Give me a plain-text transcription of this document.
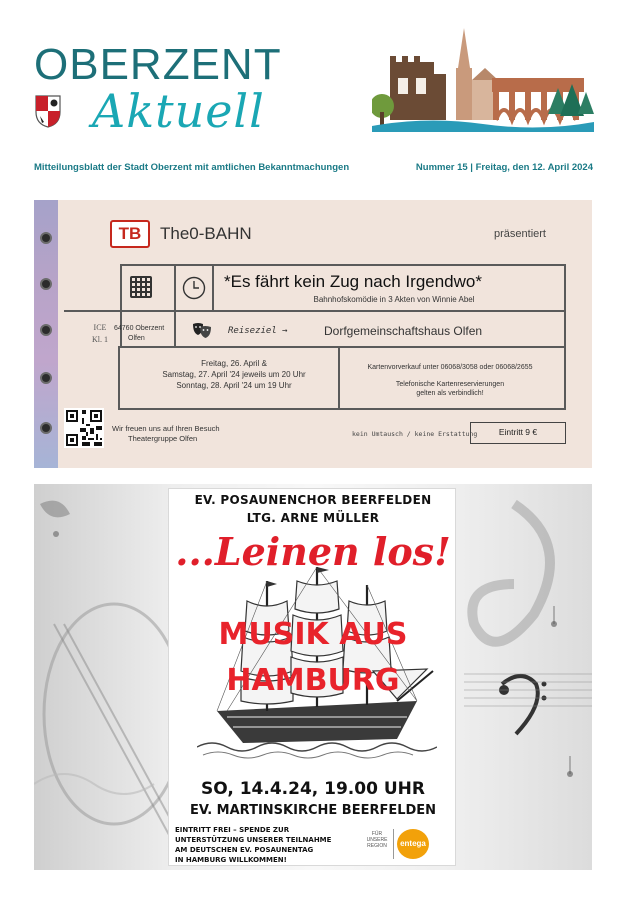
OBERZENT
Aktuell
Mitteilungsblatt der Stadt Oberzent mit amtlichen Bekanntmachungen	Nummer 15 | Freitag, den 12. April 2024
TB	The0-BAHN	präsentiert
*Es fährt kein Zug nach Irgendwo*
Bahnhofskomödie in 3 Akten von Winnie Abel
ICE
Kl. 1
64760 Oberzent
Olfen
Reiseziel →	Dorfgemeinschaftshaus Olfen
Freitag, 26. April &
Samstag, 27. April '24 jeweils um 20 Uhr
Sonntag, 28. April '24 um 19 Uhr
Kartenvorverkauf unter 06068/3058 oder 06068/2655
Telefonische Kartenreservierungen
gelten als verbindlich!
Wir freuen uns auf Ihren Besuch
Theatergruppe Olfen	kein Umtausch / keine Erstattung	Eintritt 9 €
EV. POSAUNENCHOR BEERFELDEN
LTG. ARNE MÜLLER
...Leinen los!
MUSIK AUS
HAMBURG
SO, 14.4.24, 19.00 UHR
EV. MARTINSKIRCHE BEERFELDEN
EINTRITT FREI – SPENDE ZUR
UNTERSTÜTZUNG UNSERER TEILNAHME
AM DEUTSCHEN EV. POSAUNENTAG
IN HAMBURG WILLKOMMEN!
FÜR
UNSERE
REGION	entega
